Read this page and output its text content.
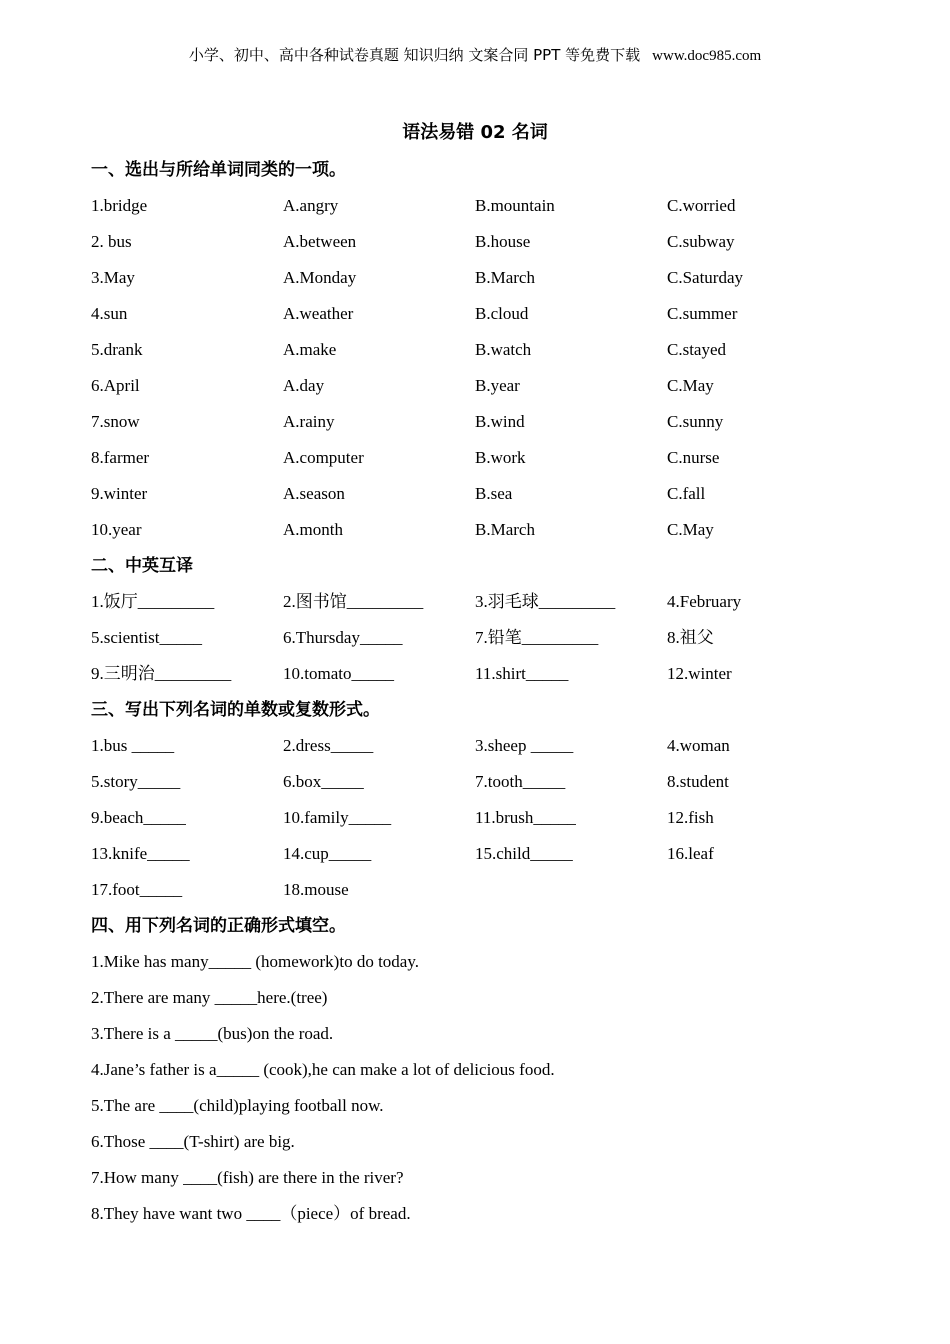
小学、初中、高中各种试卷真题 知识归纳 文案合同 PPT 等免费下载 www.doc985.com
语法易错 02 名词
一、选出与所给单词同类的一项。
1.bridge	A.angry	B.mountain	C.worried
2. bus	A.between	B.house	C.subway
3.May	A.Monday	B.March	C.Saturday
4.sun	A.weather	B.cloud	C.summer
5.drank	A.make	B.watch	C.stayed
6.April	A.day	B.year	C.May
7.snow	A.rainy	B.wind	C.sunny
8.farmer	A.computer	B.work	C.nurse
9.winter	A.season	B.sea	C.fall
10.year	A.month	B.March	C.May
二、中英互译
1.饭厅_________	2.图书馆_________	3.羽毛球_________	4.February
5.scientist_____	6.Thursday_____	7.铅笔_________	8.祖父
9.三明治_________	10.tomato_____	11.shirt_____	12.winter
三、写出下列名词的单数或复数形式。
1.bus _____	2.dress_____	3.sheep _____	4.woman
5.story_____	6.box_____	7.tooth_____	8.student
9.beach_____	10.family_____	11.brush_____	12.fish
13.knife_____	14.cup_____	15.child_____	16.leaf
17.foot_____	18.mouse
四、用下列名词的正确形式填空。
1.Mike has many_____ (homework)to do today.
2.There are many _____here.(tree)
3.There is a _____(bus)on the road.
4.Jane’s father is a_____ (cook),he can make a lot of delicious food.
5.The are ____(child)playing football now.
6.Those ____(T-shirt) are big.
7.How many ____(fish) are there in the river?
8.They have want two ____（piece）of bread.
